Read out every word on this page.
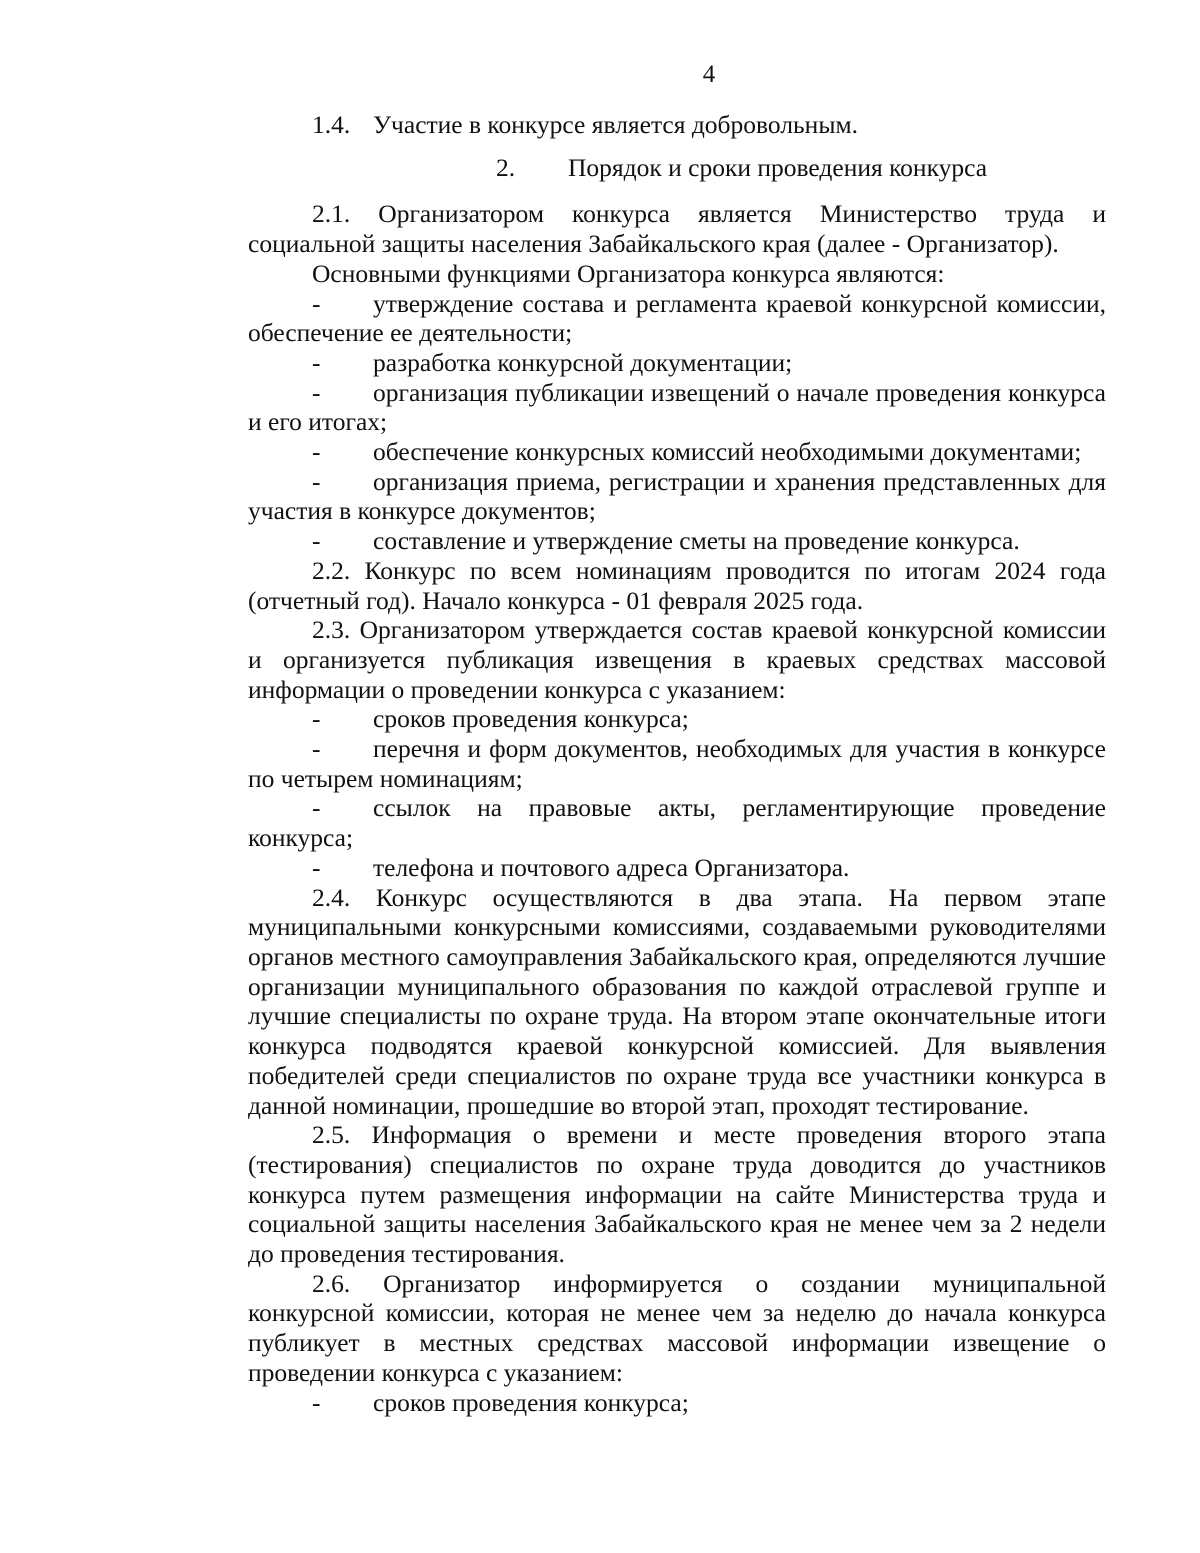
4
1.4. Участие в конкурсе является добровольным.
2. Порядок и сроки проведения конкурса

2.1. Организатором конкурса является Министерство труда и социальной защиты населения Забайкальского края (далее - Организатор).

Основными функциями Организатора конкурса являются:

- утверждение состава и регламента краевой конкурсной комиссии, обеспечение ее деятельности;

- разработка конкурсной документации;

- организация публикации извещений о начале проведения конкурса и его итогах;

- обеспечение конкурсных комиссий необходимыми документами;

- организация приема, регистрации и хранения представленных для участия в конкурсе документов;

- составление и утверждение сметы на проведение конкурса.

2.2. Конкурс по всем номинациям проводится по итогам 2024 года (отчетный год). Начало конкурса - 01 февраля 2025 года.

2.3. Организатором утверждается состав краевой конкурсной комиссии и организуется публикация извещения в краевых средствах массовой информации о проведении конкурса с указанием:

- сроков проведения конкурса;

- перечня и форм документов, необходимых для участия в конкурсе по четырем номинациям;

- ссылок на правовые акты, регламентирующие проведение конкурса;

- телефона и почтового адреса Организатора.

2.4. Конкурс осуществляются в два этапа. На первом этапе муниципальными конкурсными комиссиями, создаваемыми руководителями органов местного самоуправления Забайкальского края, определяются лучшие организации муниципального образования по каждой отраслевой группе и лучшие специалисты по охране труда. На втором этапе окончательные итоги конкурса подводятся краевой конкурсной комиссией. Для выявления победителей среди специалистов по охране труда все участники конкурса в данной номинации, прошедшие во второй этап, проходят тестирование.

2.5. Информация о времени и месте проведения второго этапа (тестирования) специалистов по охране труда доводится до участников конкурса путем размещения информации на сайте Министерства труда и социальной защиты населения Забайкальского края не менее чем за 2 недели до проведения тестирования.

2.6. Организатор информируется о создании муниципальной конкурсной комиссии, которая не менее чем за неделю до начала конкурса публикует в местных средствах массовой информации извещение о проведении конкурса с указанием:

- сроков проведения конкурса;
